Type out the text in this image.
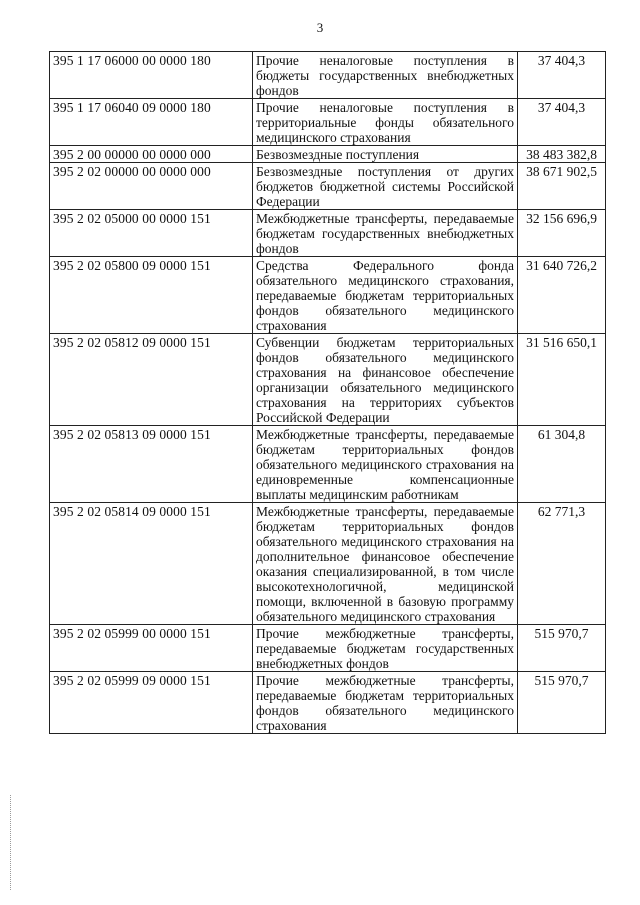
3
395 1 17 06000 00 0000 180	Прочие неналоговые поступления в бюджеты государственных внебюджетных фондов	37 404,3
395 1 17 06040 09 0000 180	Прочие неналоговые поступления в территориальные фонды обязательного медицинского страхования	37 404,3
395 2 00 00000 00 0000 000	Безвозмездные поступления	38 483 382,8
395 2 02 00000 00 0000 000	Безвозмездные поступления от других бюджетов бюджетной системы Российской Федерации	38 671 902,5
395 2 02 05000 00 0000 151	Межбюджетные трансферты, передаваемые бюджетам государственных внебюджетных фондов	32 156 696,9
395 2 02 05800 09 0000 151	Средства Федерального фонда обязательного медицинского страхования, передаваемые бюджетам территориальных фондов обязательного медицинского страхования	31 640 726,2
395 2 02 05812 09 0000 151	Субвенции бюджетам территориальных фондов обязательного медицинского страхования на финансовое обеспечение организации обязательного медицинского страхования на территориях субъектов Российской Федерации	31 516 650,1
395 2 02 05813 09 0000 151	Межбюджетные трансферты, передаваемые бюджетам территориальных фондов обязательного медицинского страхования на единовременные компенсационные выплаты медицинским работникам	61 304,8
395 2 02 05814 09 0000 151	Межбюджетные трансферты, передаваемые бюджетам территориальных фондов обязательного медицинского страхования на дополнительное финансовое обеспечение оказания специализированной, в том числе высокотехнологичной, медицинской помощи, включенной в базовую программу обязательного медицинского страхования	62 771,3
395 2 02 05999 00 0000 151	Прочие межбюджетные трансферты, передаваемые бюджетам государственных внебюджетных фондов	515 970,7
395 2 02 05999 09 0000 151	Прочие межбюджетные трансферты, передаваемые бюджетам территориальных фондов обязательного медицинского страхования	515 970,7
